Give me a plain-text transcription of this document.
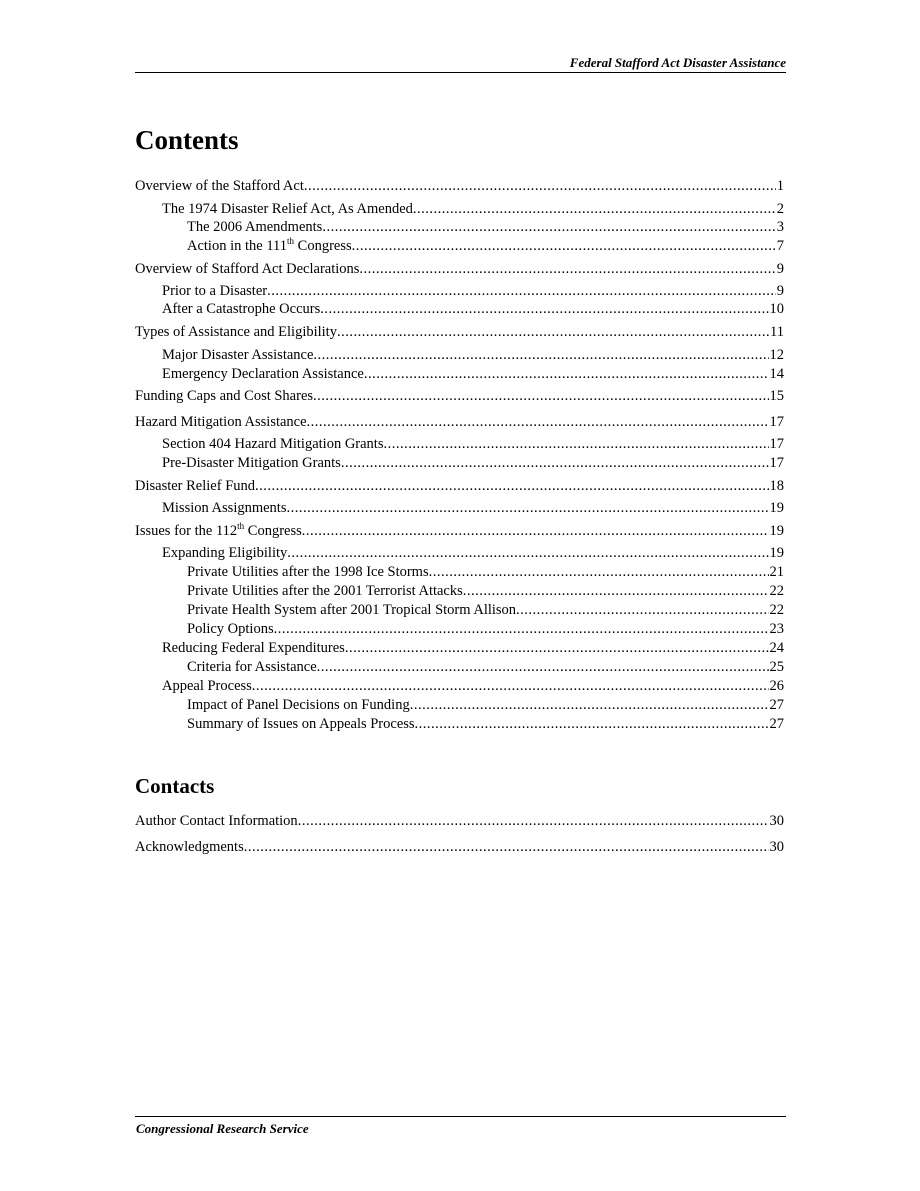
Federal Stafford Act Disaster Assistance
Contents
Overview of the Stafford Act .....	1
The 1974 Disaster Relief Act, As Amended .....	2
The 2006 Amendments .....	3
Action in the 111th Congress .....	7
Overview of Stafford Act Declarations .....	9
Prior to a Disaster .....	9
After a Catastrophe Occurs .....	10
Types of Assistance and Eligibility .....	11
Major Disaster Assistance .....	12
Emergency Declaration Assistance .....	14
Funding Caps and Cost Shares .....	15
Hazard Mitigation Assistance .....	17
Section 404 Hazard Mitigation Grants .....	17
Pre-Disaster Mitigation Grants .....	17
Disaster Relief Fund .....	18
Mission Assignments .....	19
Issues for the 112th Congress .....	19
Expanding Eligibility .....	19
Private Utilities after the 1998 Ice Storms .....	21
Private Utilities after the 2001 Terrorist Attacks .....	22
Private Health System after 2001 Tropical Storm Allison .....	22
Policy Options .....	23
Reducing Federal Expenditures .....	24
Criteria for Assistance .....	25
Appeal Process .....	26
Impact of Panel Decisions on Funding .....	27
Summary of Issues on Appeals Process .....	27
Contacts
Author Contact Information .....	30
Acknowledgments .....	30
Congressional Research Service
